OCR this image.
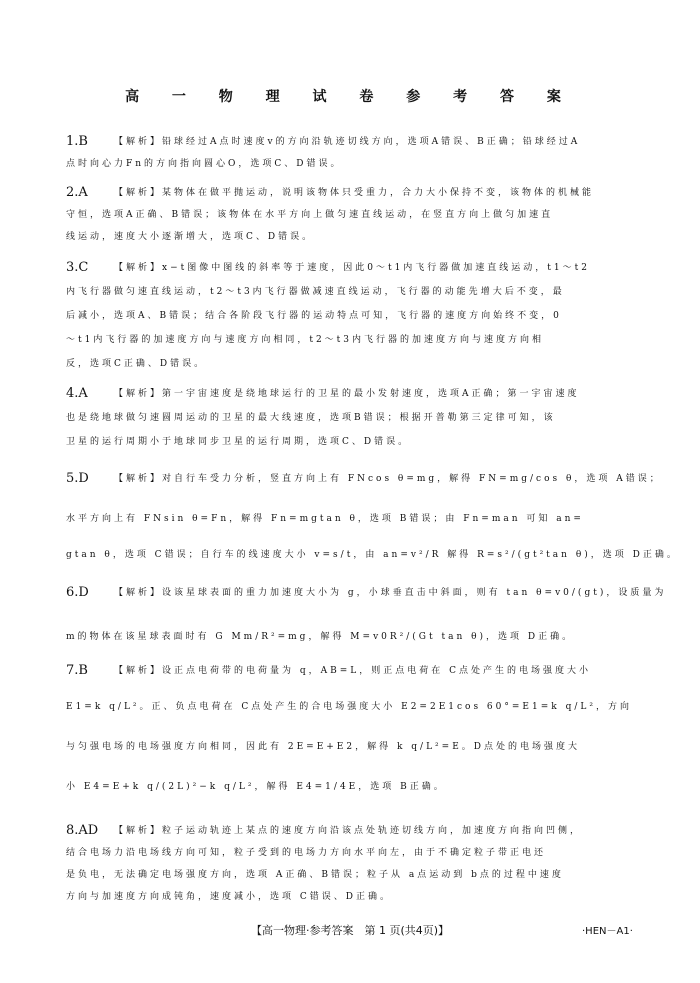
高 一 物 理 试 卷 参 考 答 案
1.B	【解析】铅球经过A点时速度v的方向沿轨迹切线方向，选项A错误、B正确；铅球经过A
点时向心力Fn的方向指向圆心O，选项C、D错误。
2.A	【解析】某物体在做平抛运动，说明该物体只受重力，合力大小保持不变，该物体的机械能
守恒，选项A正确、B错误；该物体在水平方向上做匀速直线运动，在竖直方向上做匀加速直
线运动，速度大小逐渐增大，选项C、D错误。
3.C	【解析】x−t图像中图线的斜率等于速度，因此0～t1内飞行器做加速直线运动，t1～t2
内飞行器做匀速直线运动，t2～t3内飞行器做减速直线运动，飞行器的动能先增大后不变，最
后减小，选项A、B错误；结合各阶段飞行器的运动特点可知，飞行器的速度方向始终不变，0
～t1内飞行器的加速度方向与速度方向相同，t2～t3内飞行器的加速度方向与速度方向相
反，选项C正确、D错误。
4.A	【解析】第一宇宙速度是绕地球运行的卫星的最小发射速度，选项A正确；第一宇宙速度
也是绕地球做匀速圆周运动的卫星的最大线速度，选项B错误；根据开普勒第三定律可知，该
卫星的运行周期小于地球同步卫星的运行周期，选项C、D错误。
5.D	【解析】对自行车受力分析，竖直方向上有 FNcos θ=mg，解得 FN=mg/cos θ，选项 A错误；
水平方向上有 FNsin θ=Fn，解得 Fn=mgtan θ，选项 B错误；由 Fn=man 可知 an=
gtan θ，选项 C错误；自行车的线速度大小 v=s/t，由 an=v²/R 解得 R=s²/(gt²tan θ)，选项 D正确。
6.D	【解析】设该星球表面的重力加速度大小为 g，小球垂直击中斜面，则有 tan θ=v0/(gt)，设质量为
m的物体在该星球表面时有 G Mm/R²=mg，解得 M=v0R²/(Gt tan θ)，选项 D正确。
7.B	【解析】设正点电荷带的电荷量为 q，AB=L，则正点电荷在 C点处产生的电场强度大小
E1=k q/L²。正、负点电荷在 C点处产生的合电场强度大小 E2=2E1cos 60°=E1=k q/L²，方向
与匀强电场的电场强度方向相同，因此有 2E=E+E2，解得 k q/L²=E。D点处的电场强度大
小 E4=E+k q/(2L)²−k q/L²，解得 E4=1/4E，选项 B正确。
8.AD	【解析】粒子运动轨迹上某点的速度方向沿该点处轨迹切线方向，加速度方向指向凹侧，
结合电场力沿电场线方向可知，粒子受到的电场力方向水平向左，由于不确定粒子带正电还
是负电，无法确定电场强度方向，选项 A正确、B错误；粒子从 a点运动到 b点的过程中速度
方向与加速度方向成钝角，速度减小，选项 C错误、D正确。
【高一物理·参考答案　第 1 页(共4页)】	·HEN－A1·
